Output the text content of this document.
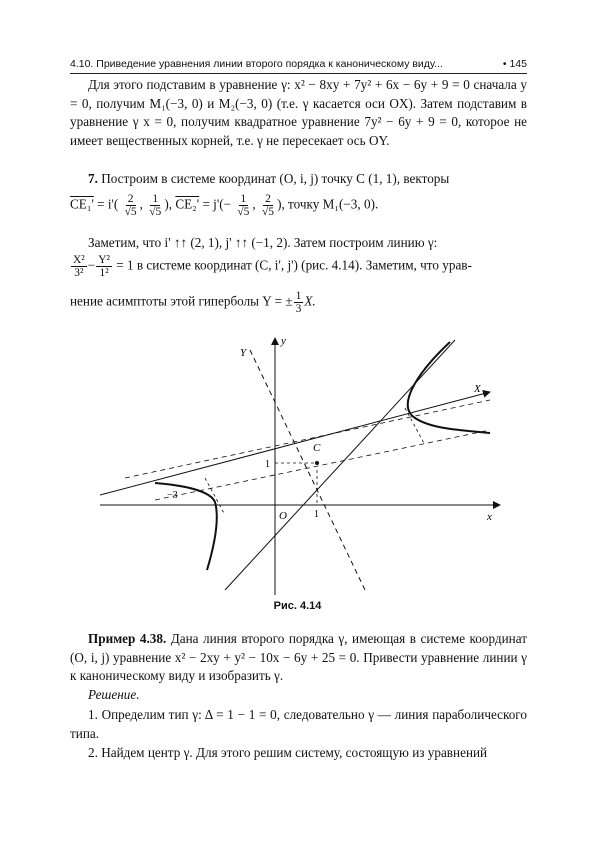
4.10. Приведение уравнения линии второго порядка к каноническому виду...	• 145

Для этого подставим в уравнение γ: x² − 8xy + 7y² + 6x − 6y + 9 = 0 сначала y = 0, получим M₁(−3, 0) и M₂(−3, 0) (т.е. γ касается оси OX). Затем подставим в уравнение γ x = 0, получим квадратное уравнение 7y² − 6y + 9 = 0, которое не имеет вещественных корней, т.е. γ не пересекает ось OY.

7. Построим в системе координат (O, i, j) точку C (1, 1), векторы

$CE_1' = i'( \frac{2}{√5}$ , $\frac{1}{√5}$ ), $CE_2' = j'(- \frac{1}{√5}$ , $\frac{2}{√5}$ ), точку M₁(−3, 0).

Заметим, что i' ↑↑ (2, 1), j' ↑↑ (−1, 2). Затем построим линию γ:

$\frac{\text{X²}}{\text{3²}} - \frac{\text{Y²}}{\text{1²}} = 1$ в системе координат (C, i', j') (рис. 4.14). Заметим, что урав-

нение асимптоты этой гиперболы Y = ± $\frac{1}{3} X$.

Y
y
X
x
C
O
1
1
−3
Рис. 4.14

Пример 4.38. Дана линия второго порядка γ, имеющая в системе координат (O, i, j) уравнение x² − 2xy + y² − 10x − 6y + 25 = 0. Привести уравнение линии γ к каноническому виду и изобразить γ.

Решение.

1. Определим тип γ: Δ = 1 − 1 = 0, следовательно γ — линия параболического типа.

2. Найдем центр γ. Для этого решим систему, состоящую из уравнений
